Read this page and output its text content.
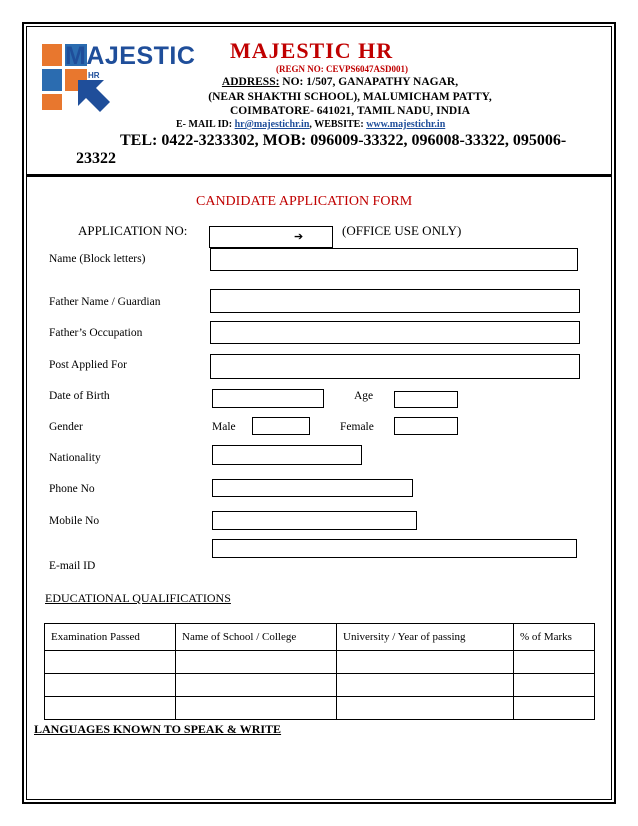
MAJESTIC
HR
MAJESTIC HR
(REGN NO: CEVPS6047ASD001)
ADDRESS: NO: 1/507, GANAPATHY NAGAR,
(NEAR SHAKTHI SCHOOL), MALUMICHAM PATTY,
COIMBATORE- 641021, TAMIL NADU, INDIA
E- MAIL ID: hr@majestichr.in, WEBSITE: www.majestichr.in
TEL: 0422-3233302, MOB: 096009-33322, 096008-33322, 095006-
23322
CANDIDATE APPLICATION FORM
APPLICATION NO:	➔	(OFFICE USE ONLY)
Name (Block letters)
Father Name / Guardian
Father’s Occupation
Post Applied For
Date of Birth	Age
Gender	Male	Female
Nationality
Phone No
Mobile No
E-mail ID
EDUCATIONAL QUALIFICATIONS
Examination Passed	Name of School / College	University / Year of passing	% of Marks

LANGUAGES KNOWN TO SPEAK & WRITE
